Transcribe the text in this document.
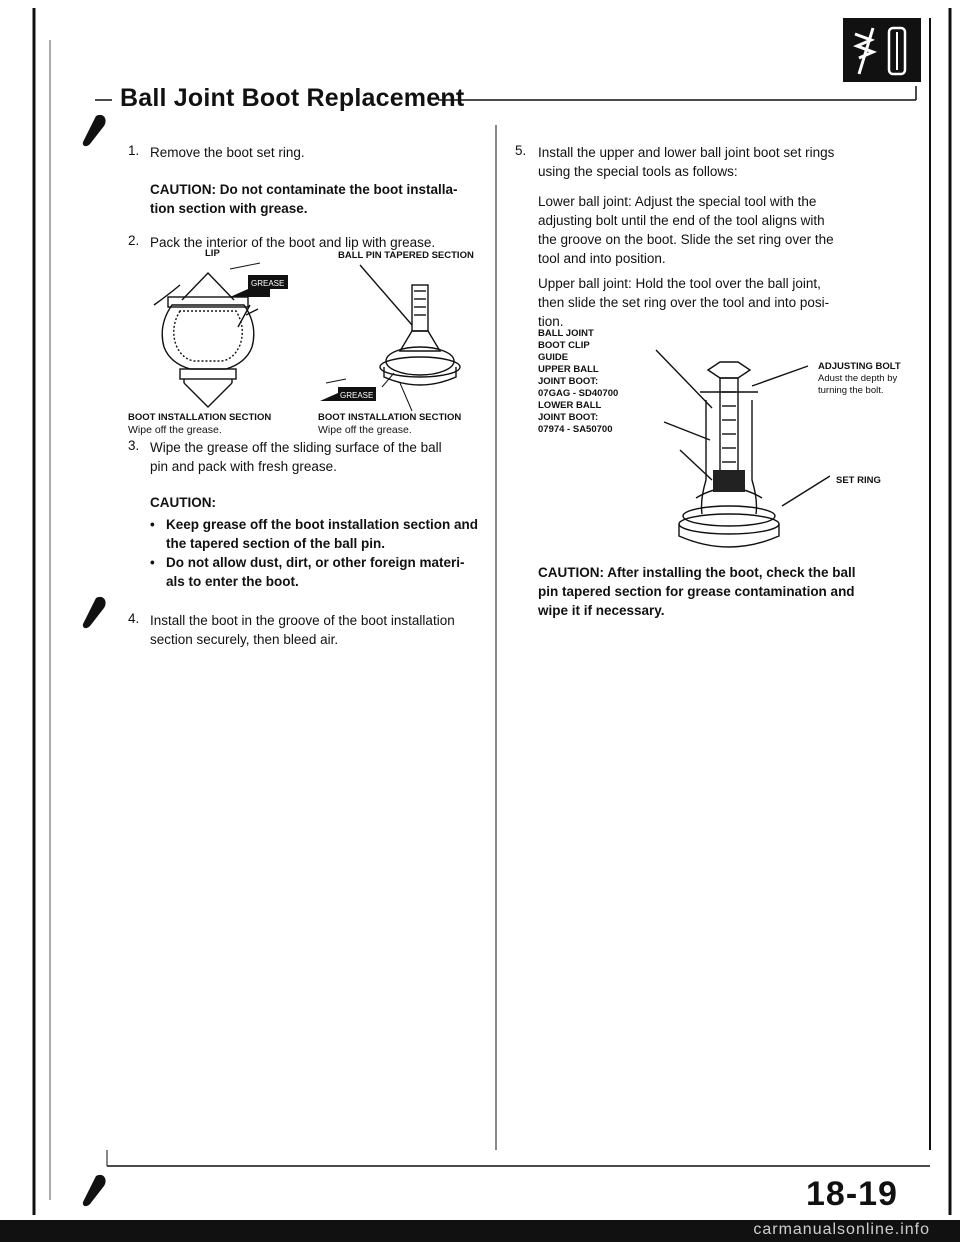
Ball Joint Boot Replacement
1. Remove the boot set ring.
CAUTION: Do not contaminate the boot installa-
tion section with grease.
2. Pack the interior of the boot and lip with grease.
GREASE
GREASE
LIP	BALL PIN TAPERED SECTION
BOOT INSTALLATION SECTION
Wipe off the grease.
BOOT INSTALLATION SECTION
Wipe off the grease.
3. Wipe the grease off the sliding surface of the ball
pin and pack with fresh grease.
CAUTION:
• Keep grease off the boot installation section and
the tapered section of the ball pin.
• Do not allow dust, dirt, or other foreign materi-
als to enter the boot.
4. Install the boot in the groove of the boot installation
section securely, then bleed air.
5. Install the upper and lower ball joint boot set rings
using the special tools as follows:
Lower ball joint: Adjust the special tool with the
adjusting bolt until the end of the tool aligns with
the groove on the boot. Slide the set ring over the
tool and into position.
Upper ball joint: Hold the tool over the ball joint,
then slide the set ring over the tool and into posi-
tion.
BALL JOINT
BOOT CLIP
GUIDE
UPPER BALL
JOINT BOOT:
07GAG - SD40700
LOWER BALL
JOINT BOOT:
07974 - SA50700
ADJUSTING BOLT
Adust the depth by
turning the bolt.
SET RING
CAUTION: After installing the boot, check the ball
pin tapered section for grease contamination and
wipe it if necessary.
18-19
carmanualsonline.info
